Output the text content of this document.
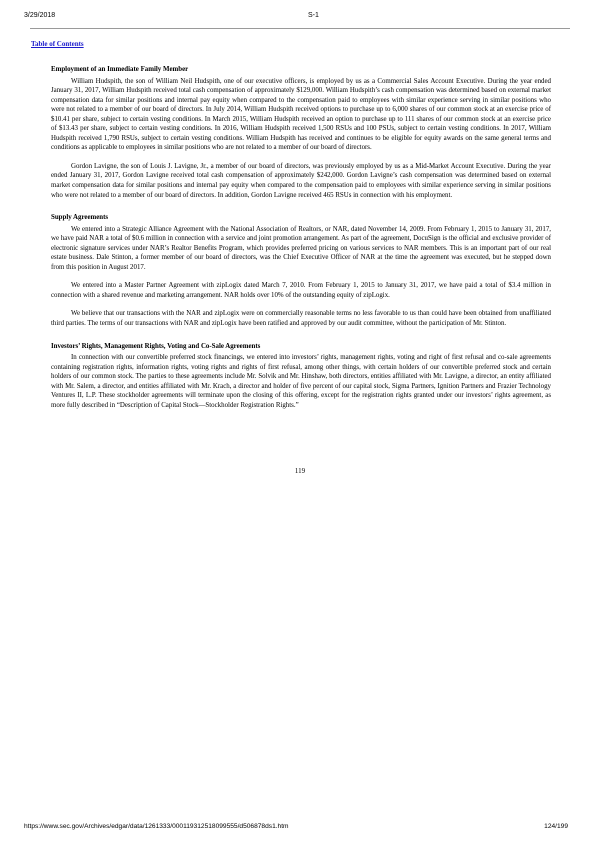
3/29/2018	S-1
Table of Contents

Employment of an Immediate Family Member

William Hudspith, the son of William Neil Hudspith, one of our executive officers, is employed by us as a Commercial Sales Account Executive. During the year ended January 31, 2017, William Hudspith received total cash compensation of approximately $129,000. William Hudspith’s cash compensation was determined based on external market compensation data for similar positions and internal pay equity when compared to the compensation paid to employees with similar experience serving in similar positions who were not related to a member of our board of directors. In July 2014, William Hudspith received options to purchase up to 6,000 shares of our common stock at an exercise price of $10.41 per share, subject to certain vesting conditions. In March 2015, William Hudspith received an option to purchase up to 111 shares of our common stock at an exercise price of $13.43 per share, subject to certain vesting conditions. In 2016, William Hudspith received 1,500 RSUs and 100 PSUs, subject to certain vesting conditions. In 2017, William Hudspith received 1,790 RSUs, subject to certain vesting conditions. William Hudspith has received and continues to be eligible for equity awards on the same general terms and conditions as applicable to employees in similar positions who are not related to a member of our board of directors.

Gordon Lavigne, the son of Louis J. Lavigne, Jr., a member of our board of directors, was previously employed by us as a Mid-Market Account Executive. During the year ended January 31, 2017, Gordon Lavigne received total cash compensation of approximately $242,000. Gordon Lavigne’s cash compensation was determined based on external market compensation data for similar positions and internal pay equity when compared to the compensation paid to employees with similar experience serving in similar positions who were not related to a member of our board of directors. In addition, Gordon Lavigne received 465 RSUs in connection with his employment.

Supply Agreements

We entered into a Strategic Alliance Agreement with the National Association of Realtors, or NAR, dated November 14, 2009. From February 1, 2015 to January 31, 2017, we have paid NAR a total of $0.6 million in connection with a service and joint promotion arrangement. As part of the agreement, DocuSign is the official and exclusive provider of electronic signature services under NAR’s Realtor Benefits Program, which provides preferred pricing on various services to NAR members. This is an important part of our real estate business. Dale Stinton, a former member of our board of directors, was the Chief Executive Officer of NAR at the time the agreement was executed, but he stepped down from this position in August 2017.

We entered into a Master Partner Agreement with zipLogix dated March 7, 2010. From February 1, 2015 to January 31, 2017, we have paid a total of $3.4 million in connection with a shared revenue and marketing arrangement. NAR holds over 10% of the outstanding equity of zipLogix.

We believe that our transactions with the NAR and zipLogix were on commercially reasonable terms no less favorable to us than could have been obtained from unaffiliated third parties. The terms of our transactions with NAR and zipLogix have been ratified and approved by our audit committee, without the participation of Mr. Stinton.

Investors’ Rights, Management Rights, Voting and Co-Sale Agreements

In connection with our convertible preferred stock financings, we entered into investors’ rights, management rights, voting and right of first refusal and co-sale agreements containing registration rights, information rights, voting rights and rights of first refusal, among other things, with certain holders of our convertible preferred stock and certain holders of our common stock. The parties to these agreements include Mr. Solvik and Mr. Hinshaw, both directors, entities affiliated with Mr. Lavigne, a director, an entity affiliated with Mr. Salem, a director, and entities affiliated with Mr. Krach, a director and holder of five percent of our capital stock, Sigma Partners, Ignition Partners and Frazier Technology Ventures II, L.P. These stockholder agreements will terminate upon the closing of this offering, except for the registration rights granted under our investors’ rights agreement, as more fully described in “Description of Capital Stock—Stockholder Registration Rights.”

119
https://www.sec.gov/Archives/edgar/data/1261333/000119312518099555/d506878ds1.htm	124/199
